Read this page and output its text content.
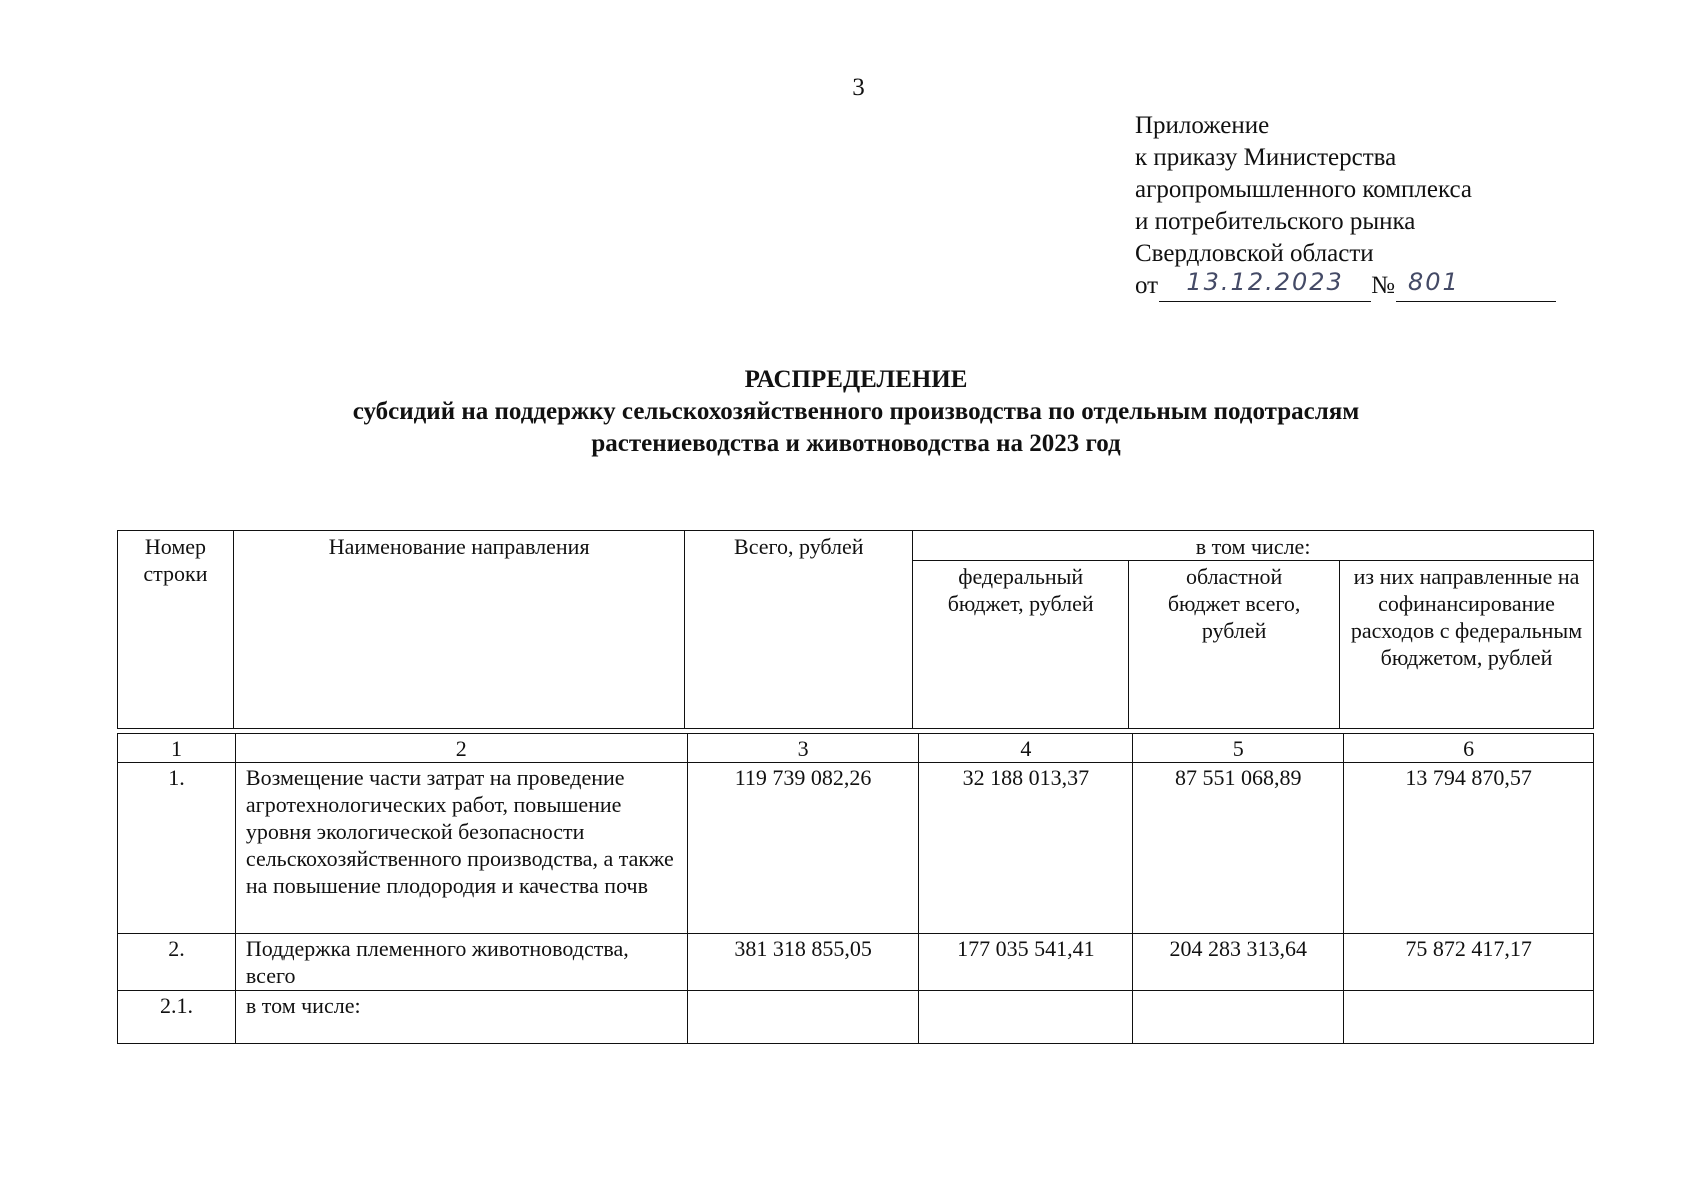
3
Приложение
к приказу Министерства
агропромышленного комплекса
и потребительского рынка
Свердловской области
от	13.12.2023	№ 801
РАСПРЕДЕЛЕНИЕ
субсидий на поддержку сельскохозяйственного производства по отдельным подотраслям
растениеводства и животноводства на 2023 год
Номер строки	Наименование направления	Всего, рублей	в том числе:		
			федеральный бюджет, рублей	областной бюджет всего, рублей	из них направленные на софинансирование расходов с федеральным бюджетом, рублей
1	2	3	4	5	6
1.	Возмещение части затрат на проведение агротехнологических работ, повышение уровня экологической безопасности сельскохозяйственного производства, а также на повышение плодородия и качества почв	119 739 082,26	32 188 013,37	87 551 068,89	13 794 870,57
2.	Поддержка племенного животноводства, всего	381 318 855,05	177 035 541,41	204 283 313,64	75 872 417,17
2.1.	в том числе:				
